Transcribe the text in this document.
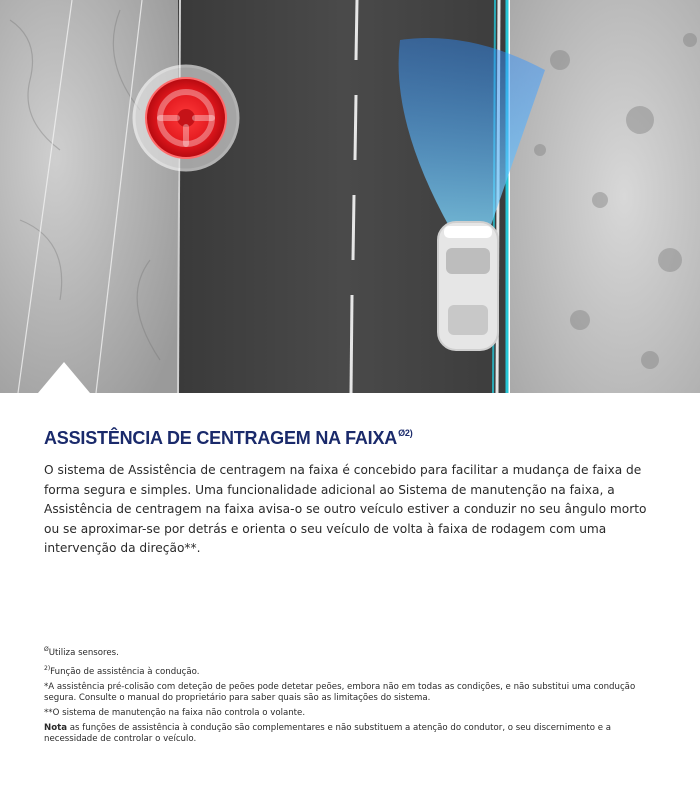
ASSISTÊNCIA DE CENTRAGEM NA $FAIXA^{Ø2)}$

O sistema de Assistência de centragem na faixa é concebido para facilitar a mudança de faixa de forma segura e simples. Uma funcionalidade adicional ao Sistema de manutenção na faixa, a Assistência de centragem na faixa avisa-o se outro veículo estiver a conduzir no seu ângulo morto ou se aproximar-se por detrás e orienta o seu veículo de volta à faixa de rodagem com uma intervenção da direção**.

$^Ø$Utiliza sensores.

$^{2)}$Função de assistência à condução.

*A assistência pré-colisão com deteção de peões pode detetar peões, embora não em todas as condições, e não substitui uma condução segura. Consulte o manual do proprietário para saber quais são as limitações do sistema.

**O sistema de manutenção na faixa não controla o volante.

Nota as funções de assistência à condução são complementares e não substituem a atenção do condutor, o seu discernimento e a necessidade de controlar o veículo.
